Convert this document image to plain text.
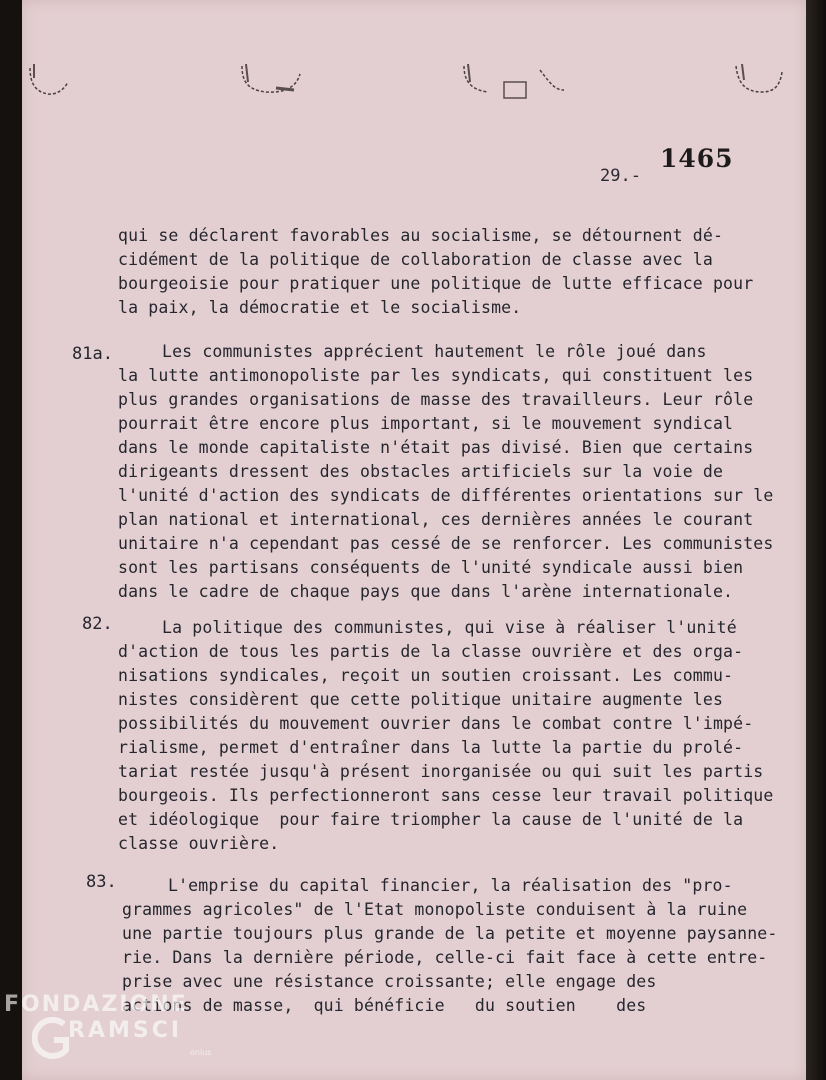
1465
29.-
qui se déclarent favorables au socialisme, se détournent dé-
cidément de la politique de collaboration de classe avec la
bourgeoisie pour pratiquer une politique de lutte efficace pour
la paix, la démocratie et le socialisme.
81a.	Les communistes apprécient hautement le rôle joué dans
la lutte antimonopoliste par les syndicats, qui constituent les
plus grandes organisations de masse des travailleurs. Leur rôle
pourrait être encore plus important, si le mouvement syndical
dans le monde capitaliste n'était pas divisé. Bien que certains
dirigeants dressent des obstacles artificiels sur la voie de
l'unité d'action des syndicats de différentes orientations sur le
plan national et international, ces dernières années le courant
unitaire n'a cependant pas cessé de se renforcer. Les communistes
sont les partisans conséquents de l'unité syndicale aussi bien
dans le cadre de chaque pays que dans l'arène internationale.
82.	La politique des communistes, qui vise à réaliser l'unité
d'action de tous les partis de la classe ouvrière et des orga-
nisations syndicales, reçoit un soutien croissant. Les commu-
nistes considèrent que cette politique unitaire augmente les
possibilités du mouvement ouvrier dans le combat contre l'impé-
rialisme, permet d'entraîner dans la lutte la partie du prolé-
tariat restée jusqu'à présent inorganisée ou qui suit les partis
bourgeois. Ils perfectionneront sans cesse leur travail politique
et idéologique  pour faire triompher la cause de l'unité de la
classe ouvrière.
83.	L'emprise du capital financier, la réalisation des "pro-
grammes agricoles" de l'Etat monopoliste conduisent à la ruine
une partie toujours plus grande de la petite et moyenne paysanne-
rie. Dans la dernière période, celle-ci fait face à cette entre-
prise avec une résistance croissante; elle engage des
actions de masse,  qui bénéficie   du soutien    des
FONDAZIONE
RAMSCI
onlus
